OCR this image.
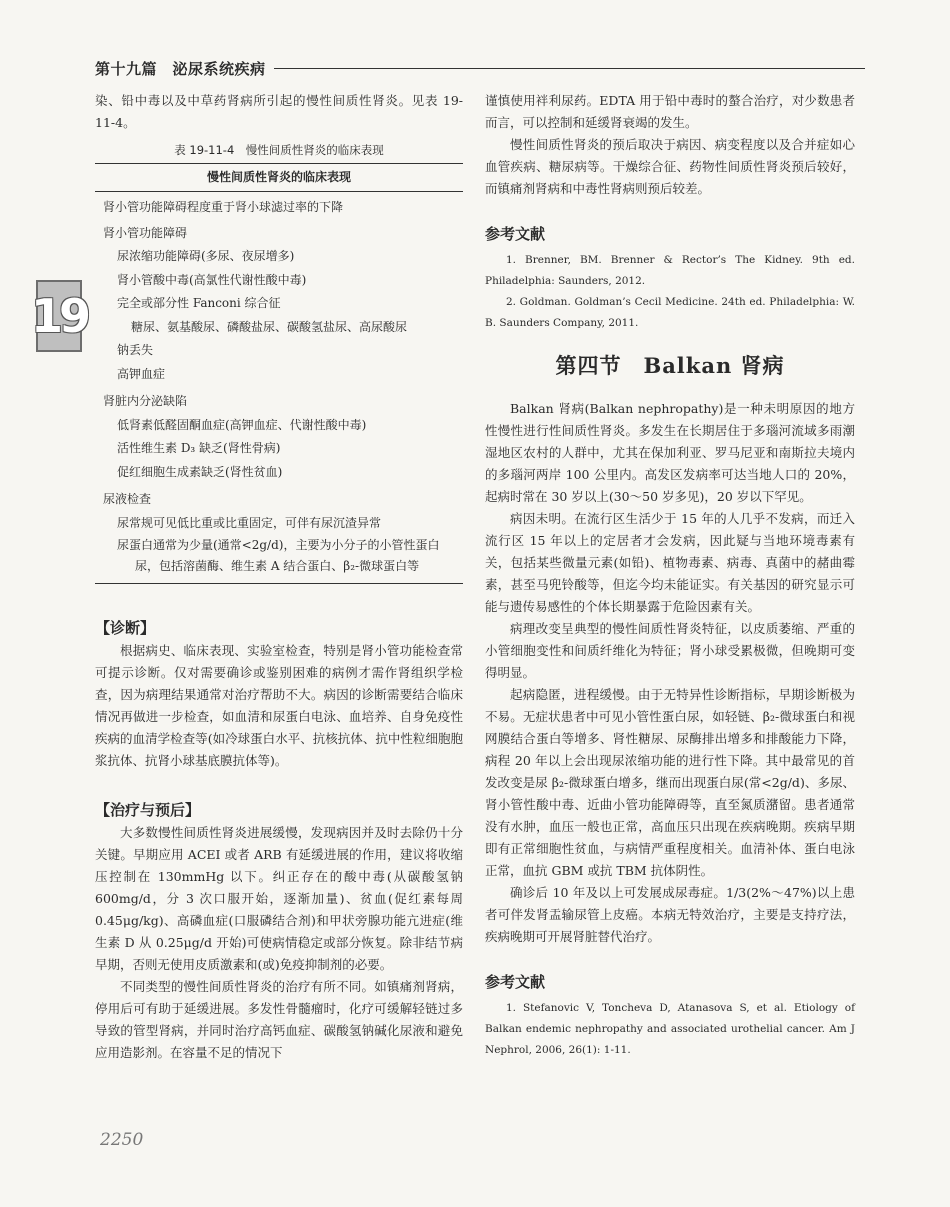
第十九篇　泌尿系统疾病
19

染、铅中毒以及中草药肾病所引起的慢性间质性肾炎。见表 19-11-4。

表 19-11-4　慢性间质性肾炎的临床表现
慢性间质性肾炎的临床表现
肾小管功能障碍程度重于肾小球滤过率的下降
肾小管功能障碍
尿浓缩功能障碍(多尿、夜尿增多)
肾小管酸中毒(高氯性代谢性酸中毒)
完全或部分性 Fanconi 综合征
糖尿、氨基酸尿、磷酸盐尿、碳酸氢盐尿、高尿酸尿
钠丢失
高钾血症
肾脏内分泌缺陷
低肾素低醛固酮血症(高钾血症、代谢性酸中毒)
活性维生素 D₃ 缺乏(肾性骨病)
促红细胞生成素缺乏(肾性贫血)
尿液检查
尿常规可见低比重或比重固定，可伴有尿沉渣异常
尿蛋白通常为少量(通常<2g/d)，主要为小分子的小管性蛋白尿，包括溶菌酶、维生素 A 结合蛋白、β₂-微球蛋白等
【诊断】

根据病史、临床表现、实验室检查，特别是肾小管功能检查常可提示诊断。仅对需要确诊或鉴别困难的病例才需作肾组织学检查，因为病理结果通常对治疗帮助不大。病因的诊断需要结合临床情况再做进一步检查，如血清和尿蛋白电泳、血培养、自身免疫性疾病的血清学检查等(如冷球蛋白水平、抗核抗体、抗中性粒细胞胞浆抗体、抗肾小球基底膜抗体等)。

【治疗与预后】

大多数慢性间质性肾炎进展缓慢，发现病因并及时去除仍十分关键。早期应用 ACEI 或者 ARB 有延缓进展的作用，建议将收缩压控制在 130mmHg 以下。纠正存在的酸中毒(从碳酸氢钠 600mg/d，分 3 次口服开始，逐渐加量)、贫血(促红素每周 0.45μg/kg)、高磷血症(口服磷结合剂)和甲状旁腺功能亢进症(维生素 D 从 0.25μg/d 开始)可使病情稳定或部分恢复。除非结节病早期，否则无使用皮质激素和(或)免疫抑制剂的必要。

不同类型的慢性间质性肾炎的治疗有所不同。如镇痛剂肾病，停用后可有助于延缓进展。多发性骨髓瘤时，化疗可缓解轻链过多导致的管型肾病，并同时治疗高钙血症、碳酸氢钠碱化尿液和避免应用造影剂。在容量不足的情况下

谨慎使用袢利尿药。EDTA 用于铅中毒时的螯合治疗，对少数患者而言，可以控制和延缓肾衰竭的发生。

慢性间质性肾炎的预后取决于病因、病变程度以及合并症如心血管疾病、糖尿病等。干燥综合征、药物性间质性肾炎预后较好，而镇痛剂肾病和中毒性肾病则预后较差。

参考文献

1. Brenner, BM. Brenner & Rector’s The Kidney. 9th ed. Philadelphia: Saunders, 2012.

2. Goldman. Goldman’s Cecil Medicine. 24th ed. Philadelphia: W. B. Saunders Company, 2011.

第四节　Balkan 肾病

Balkan 肾病(Balkan nephropathy)是一种未明原因的地方性慢性进行性间质性肾炎。多发生在长期居住于多瑙河流域多雨潮湿地区农村的人群中，尤其在保加利亚、罗马尼亚和南斯拉夫境内的多瑙河两岸 100 公里内。高发区发病率可达当地人口的 20%，起病时常在 30 岁以上(30～50 岁多见)，20 岁以下罕见。

病因未明。在流行区生活少于 15 年的人几乎不发病，而迁入流行区 15 年以上的定居者才会发病，因此疑与当地环境毒素有关，包括某些微量元素(如铅)、植物毒素、病毒、真菌中的赭曲霉素，甚至马兜铃酸等，但迄今均未能证实。有关基因的研究显示可能与遗传易感性的个体长期暴露于危险因素有关。

病理改变呈典型的慢性间质性肾炎特征，以皮质萎缩、严重的小管细胞变性和间质纤维化为特征；肾小球受累极微，但晚期可变得明显。

起病隐匿，进程缓慢。由于无特异性诊断指标，早期诊断极为不易。无症状患者中可见小管性蛋白尿，如轻链、β₂-微球蛋白和视网膜结合蛋白等增多、肾性糖尿、尿酶排出增多和排酸能力下降，病程 20 年以上会出现尿浓缩功能的进行性下降。其中最常见的首发改变是尿 β₂-微球蛋白增多，继而出现蛋白尿(常<2g/d)、多尿、肾小管性酸中毒、近曲小管功能障碍等，直至氮质潴留。患者通常没有水肿，血压一般也正常，高血压只出现在疾病晚期。疾病早期即有正常细胞性贫血，与病情严重程度相关。血清补体、蛋白电泳正常，血抗 GBM 或抗 TBM 抗体阴性。

确诊后 10 年及以上可发展成尿毒症。1/3(2%～47%)以上患者可伴发肾盂输尿管上皮癌。本病无特效治疗，主要是支持疗法，疾病晚期可开展肾脏替代治疗。

参考文献

1. Stefanovic V, Toncheva D, Atanasova S, et al. Etiology of Balkan endemic nephropathy and associated urothelial cancer. Am J Nephrol, 2006, 26(1): 1-11.

2250
